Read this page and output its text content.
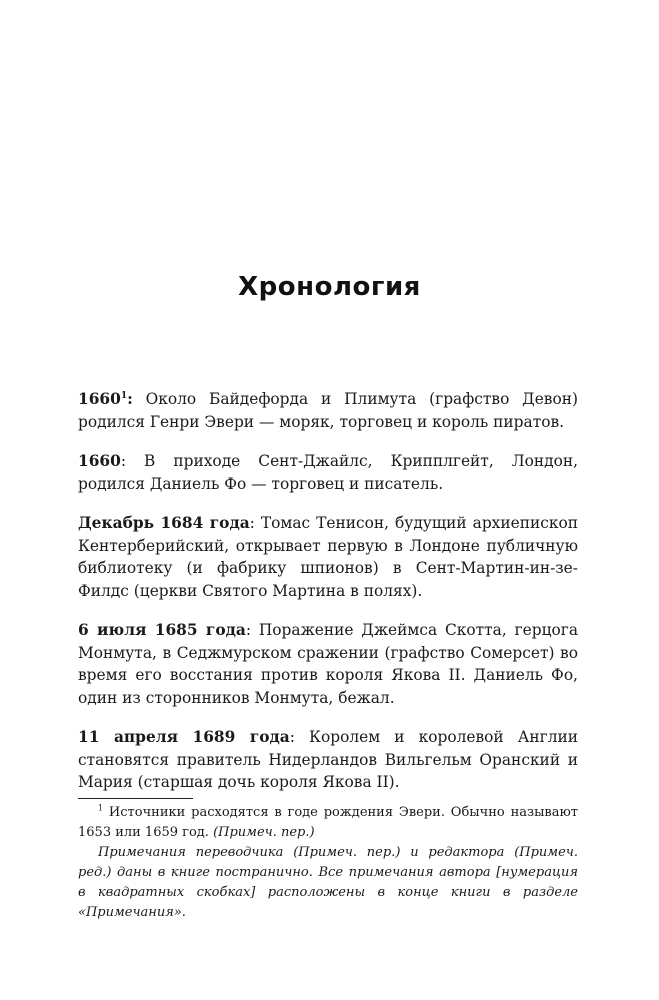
Хронология

1660$^1$: Около Байдефорда и Плимута (графство Девон) родился Генри Эвери — моряк, торговец и король пиратов.

1660: В приходе Сент-Джайлс, Крипплгейт, Лондон, родился Даниель Фо — торговец и писатель.

Декабрь 1684 года: Томас Тенисон, будущий архиепископ Кентерберийский, открывает первую в Лондоне публичную библиотеку (и фабрику шпионов) в Сент-Мартин-ин-зе-Филдс (церкви Святого Мартина в полях).

6 июля 1685 года: Поражение Джеймса Скотта, герцога Монмута, в Седжмурском сражении (графство Сомерсет) во время его восстания против короля Якова II. Даниель Фо, один из сторонников Монмута, бежал.

11 апреля 1689 года: Королем и королевой Англии становятся правитель Нидерландов Вильгельм Оранский и Мария (старшая дочь короля Якова II).

$^1$ Источники расходятся в годе рождения Эвери. Обычно называют 1653 или 1659 год. (Примеч. пер.)

Примечания переводчика (Примеч. пер.) и редактора (Примеч. ред.) даны в книге постранично. Все примечания автора [нумерация в квадратных скобках] расположены в конце книги в разделе «Примечания».
